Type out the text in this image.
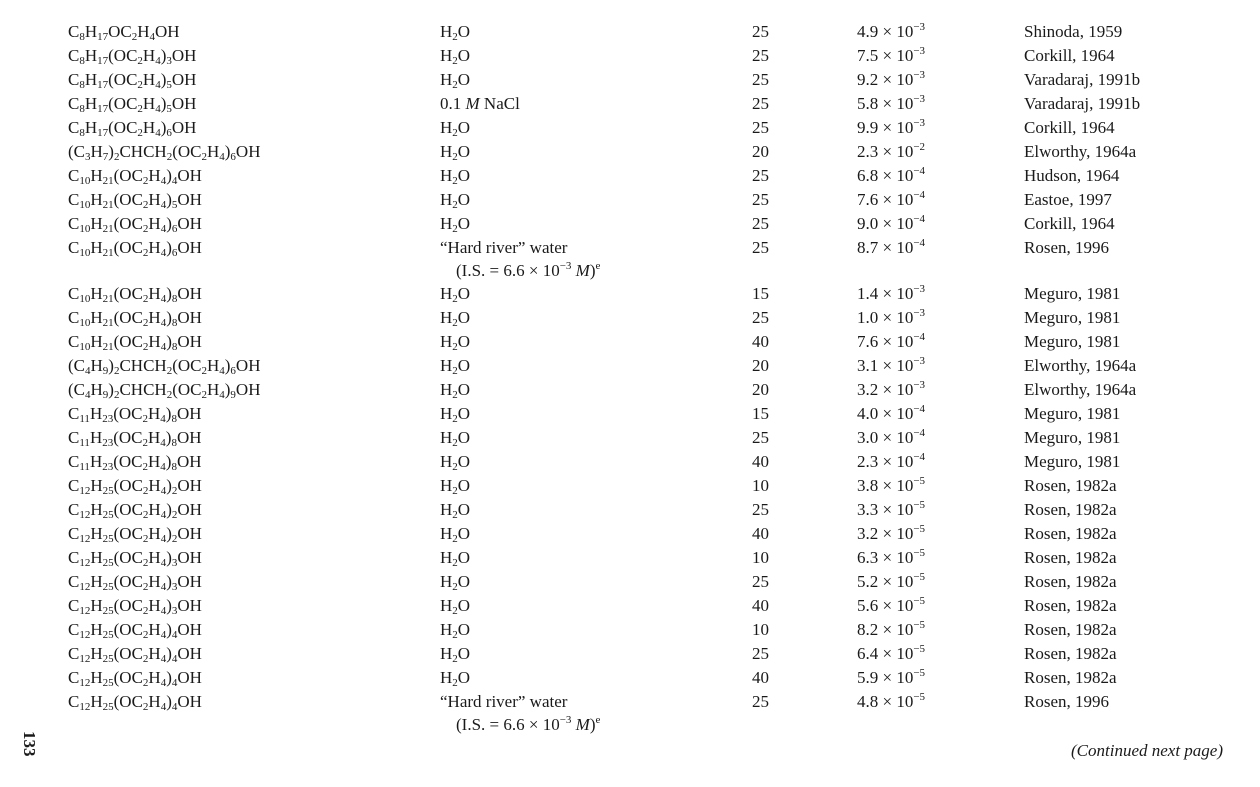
$C_8H_{17}OC_2H_4OH$	$H_2O$	25	$4.9 \times 10^{-3}$	Shinoda, 1959
$C_8H_{17}(OC_2H_4)_3OH$	$H_2O$	25	$7.5 \times 10^{-3}$	Corkill, 1964
$C_8H_{17}(OC_2H_4)_5OH$	$H_2O$	25	$9.2 \times 10^{-3}$	Varadaraj, 1991b
$C_8H_{17}(OC_2H_4)_5OH$	0.1 M NaCl	25	$5.8 \times 10^{-3}$	Varadaraj, 1991b
$C_8H_{17}(OC_2H_4)_6OH$	$H_2O$	25	$9.9 \times 10^{-3}$	Corkill, 1964
$(C_3H_7)_2CHCH_2(OC_2H_4)_6OH$	$H_2O$	20	$2.3 \times 10^{-2}$	Elworthy, 1964a
$C_{10}H_{21}(OC_2H_4)_4OH$	$H_2O$	25	$6.8 \times 10^{-4}$	Hudson, 1964
$C_{10}H_{21}(OC_2H_4)_5OH$	$H_2O$	25	$7.6 \times 10^{-4}$	Eastoe, 1997
$C_{10}H_{21}(OC_2H_4)_6OH$	$H_2O$	25	$9.0 \times 10^{-4}$	Corkill, 1964
$C_{10}H_{21}(OC_2H_4)_6OH$	“Hard river” water	25	$8.7 \times 10^{-4}$	Rosen, 1996
	(I.S. = $6.6 \times 10^{-3}$ M)$^e$	
$C_{10}H_{21}(OC_2H_4)_8OH$	$H_2O$	15	$1.4 \times 10^{-3}$	Meguro, 1981
$C_{10}H_{21}(OC_2H_4)_8OH$	$H_2O$	25	$1.0 \times 10^{-3}$	Meguro, 1981
$C_{10}H_{21}(OC_2H_4)_8OH$	$H_2O$	40	$7.6 \times 10^{-4}$	Meguro, 1981
$(C_4H_9)_2CHCH_2(OC_2H_4)_6OH$	$H_2O$	20	$3.1 \times 10^{-3}$	Elworthy, 1964a
$(C_4H_9)_2CHCH_2(OC_2H_4)_9OH$	$H_2O$	20	$3.2 \times 10^{-3}$	Elworthy, 1964a
$C_{11}H_{23}(OC_2H_4)_8OH$	$H_2O$	15	$4.0 \times 10^{-4}$	Meguro, 1981
$C_{11}H_{23}(OC_2H_4)_8OH$	$H_2O$	25	$3.0 \times 10^{-4}$	Meguro, 1981
$C_{11}H_{23}(OC_2H_4)_8OH$	$H_2O$	40	$2.3 \times 10^{-4}$	Meguro, 1981
$C_{12}H_{25}(OC_2H_4)_2OH$	$H_2O$	10	$3.8 \times 10^{-5}$	Rosen, 1982a
$C_{12}H_{25}(OC_2H_4)_2OH$	$H_2O$	25	$3.3 \times 10^{-5}$	Rosen, 1982a
$C_{12}H_{25}(OC_2H_4)_2OH$	$H_2O$	40	$3.2 \times 10^{-5}$	Rosen, 1982a
$C_{12}H_{25}(OC_2H_4)_3OH$	$H_2O$	10	$6.3 \times 10^{-5}$	Rosen, 1982a
$C_{12}H_{25}(OC_2H_4)_3OH$	$H_2O$	25	$5.2 \times 10^{-5}$	Rosen, 1982a
$C_{12}H_{25}(OC_2H_4)_3OH$	$H_2O$	40	$5.6 \times 10^{-5}$	Rosen, 1982a
$C_{12}H_{25}(OC_2H_4)_4OH$	$H_2O$	10	$8.2 \times 10^{-5}$	Rosen, 1982a
$C_{12}H_{25}(OC_2H_4)_4OH$	$H_2O$	25	$6.4 \times 10^{-5}$	Rosen, 1982a
$C_{12}H_{25}(OC_2H_4)_4OH$	$H_2O$	40	$5.9 \times 10^{-5}$	Rosen, 1982a
$C_{12}H_{25}(OC_2H_4)_4OH$	“Hard river” water	25	$4.8 \times 10^{-5}$	Rosen, 1996
	(I.S. = $6.6 \times 10^{-3}$ M)$^e$	
133	(Continued next page)
